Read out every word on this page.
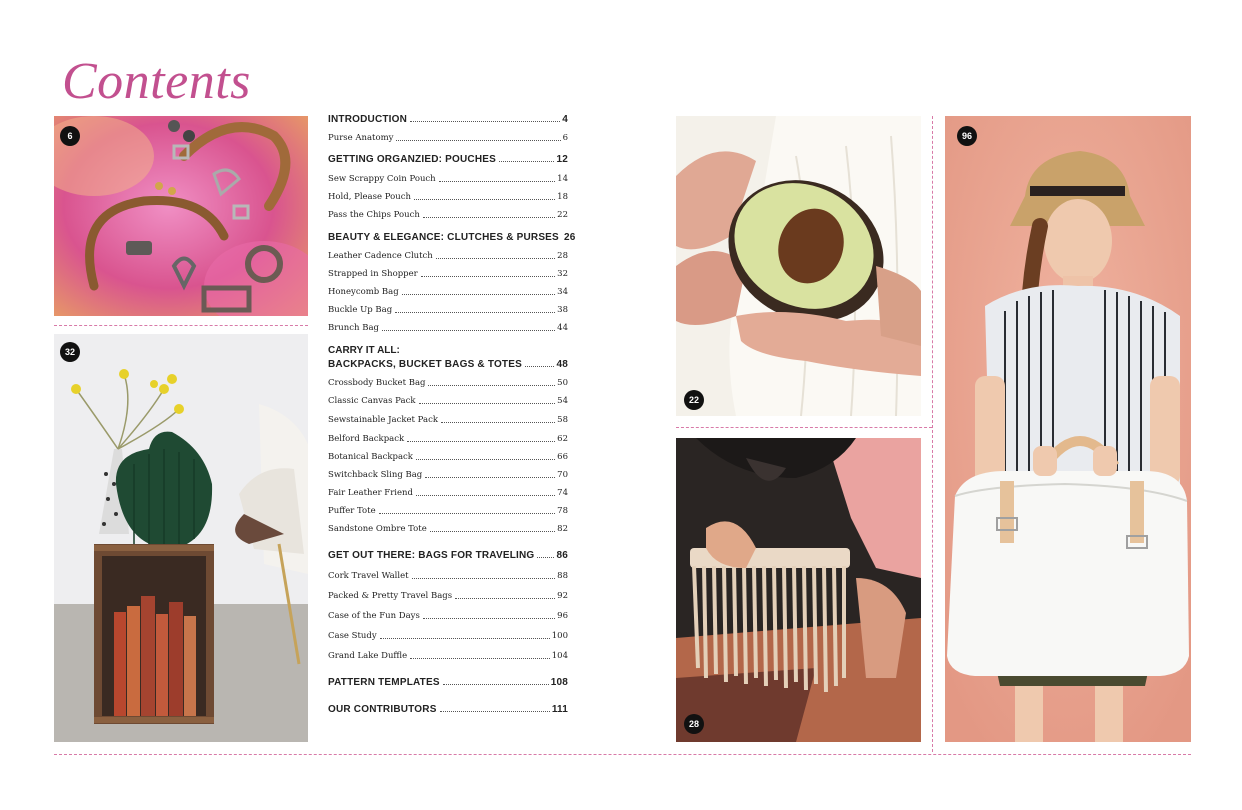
Contents
6
32
INTRODUCTION	4
Purse Anatomy	6
GETTING ORGANZIED: POUCHES	12
Sew Scrappy Coin Pouch	14
Hold, Please Pouch	18
Pass the Chips Pouch	22
BEAUTY & ELEGANCE: CLUTCHES & PURSES 26
Leather Cadence Clutch	28
Strapped in Shopper	32
Honeycomb Bag	34
Buckle Up Bag	38
Brunch Bag	44
CARRY IT ALL:
BACKPACKS, BUCKET BAGS & TOTES	48
Crossbody Bucket Bag	50
Classic Canvas Pack	54
Sewstainable Jacket Pack	58
Belford Backpack	62
Botanical Backpack	66
Switchback Sling Bag	70
Fair Leather Friend	74
Puffer Tote	78
Sandstone Ombre Tote	82
GET OUT THERE: BAGS FOR TRAVELING 86
Cork Travel Wallet	88
Packed & Pretty Travel Bags	92
Case of the Fun Days	96
Case Study	100
Grand Lake Duffle	104
PATTERN TEMPLATES	108
OUR CONTRIBUTORS	111
22
28
96
